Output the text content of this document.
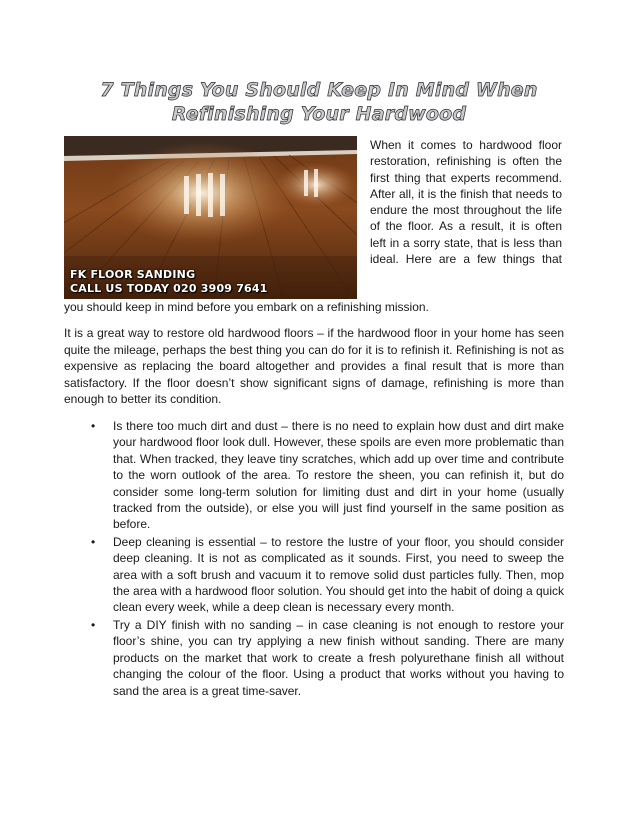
7 Things You Should Keep In Mind When
Refinishing Your Hardwood
FK FLOOR SANDING
CALL US TODAY 020 3909 7641

When it comes to hardwood floor restoration, refinishing is often the first thing that experts recommend. After all, it is the finish that needs to endure the most throughout the life of the floor. As a result, it is often left in a sorry state, that is less than ideal. Here are a few things that

you should keep in mind before you embark on a refinishing mission.

It is a great way to restore old hardwood floors – if the hardwood floor in your home has seen quite the mileage, perhaps the best thing you can do for it is to refinish it. Refinishing is not as expensive as replacing the board altogether and provides a final result that is more than satisfactory. If the floor doesn’t show significant signs of damage, refinishing is more than enough to better its condition.

• Is there too much dirt and dust – there is no need to explain how dust and dirt make your hardwood floor look dull. However, these spoils are even more problematic than that. When tracked, they leave tiny scratches, which add up over time and contribute to the worn outlook of the area. To restore the sheen, you can refinish it, but do consider some long-term solution for limiting dust and dirt in your home (usually tracked from the outside), or else you will just find yourself in the same position as before.
• Deep cleaning is essential – to restore the lustre of your floor, you should consider deep cleaning. It is not as complicated as it sounds. First, you need to sweep the area with a soft brush and vacuum it to remove solid dust particles fully. Then, mop the area with a hardwood floor solution. You should get into the habit of doing a quick clean every week, while a deep clean is necessary every month.
• Try a DIY finish with no sanding – in case cleaning is not enough to restore your floor’s shine, you can try applying a new finish without sanding. There are many products on the market that work to create a fresh polyurethane finish all without changing the colour of the floor. Using a product that works without you having to sand the area is a great time-saver.
